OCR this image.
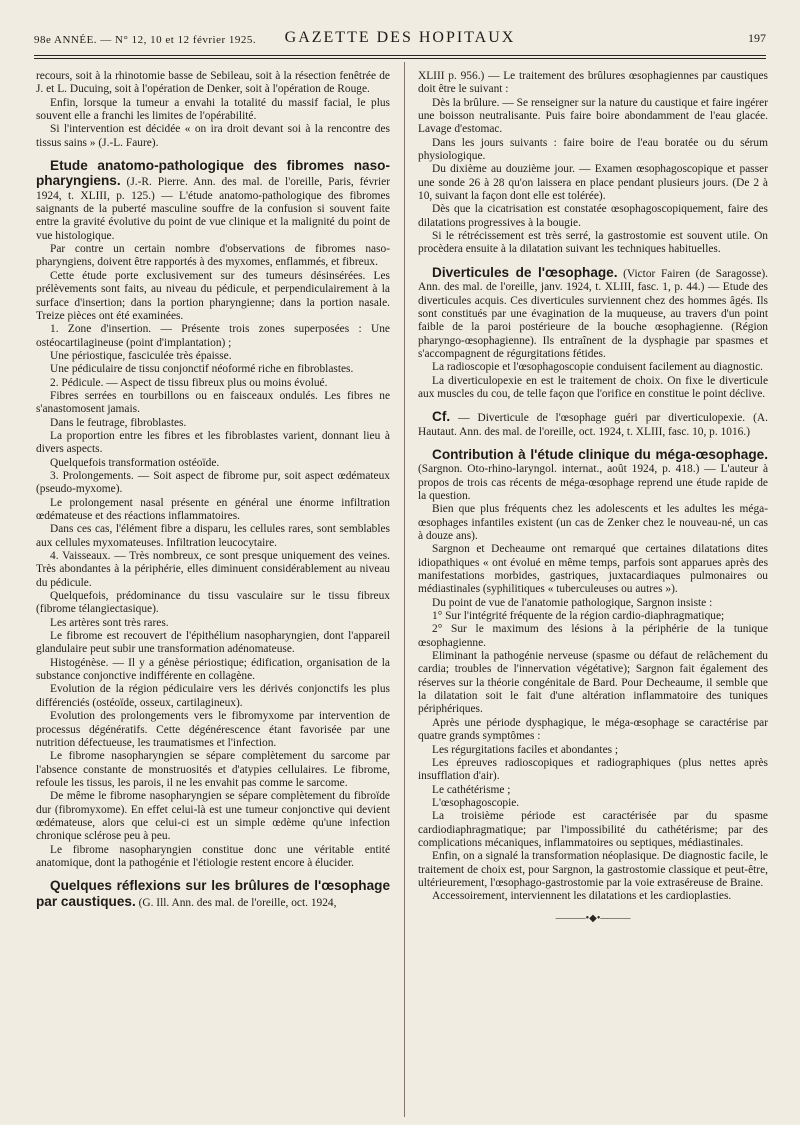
98e ANNÉE. — N° 12, 10 et 12 février 1925.	GAZETTE DES HOPITAUX	197

recours, soit à la rhinotomie basse de Sebileau, soit à la résection fenêtrée de J. et L. Ducuing, soit à l'opération de Denker, soit à l'opération de Rouge.

Enfin, lorsque la tumeur a envahi la totalité du massif facial, le plus souvent elle a franchi les limites de l'opérabilité.

Si l'intervention est décidée « on ira droit devant soi à la rencontre des tissus sains » (J.-L. Faure).

Etude anatomo-pathologique des fibromes naso-pharyngiens. (J.-R. Pierre. Ann. des mal. de l'oreille, Paris, février 1924, t. XLIII, p. 125.) — L'étude anatomo-pathologique des fibromes saignants de la puberté masculine souffre de la confusion si souvent faite entre la gravité évolutive du point de vue clinique et la malignité du point de vue histologique.

Par contre un certain nombre d'observations de fibromes naso-pharyngiens, doivent être rapportés à des myxomes, enflammés, et fibreux.

Cette étude porte exclusivement sur des tumeurs désinsérées. Les prélèvements sont faits, au niveau du pédicule, et perpendiculairement à la surface d'insertion; dans la portion pharyngienne; dans la portion nasale. Treize pièces ont été examinées.

1. Zone d'insertion. — Présente trois zones superposées : Une ostéocartilagineuse (point d'implantation) ;

Une périostique, fasciculée très épaisse.

Une pédiculaire de tissu conjonctif néoformé riche en fibroblastes.

2. Pédicule. — Aspect de tissu fibreux plus ou moins évolué.

Fibres serrées en tourbillons ou en faisceaux ondulés. Les fibres ne s'anastomosent jamais.

Dans le feutrage, fibroblastes.

La proportion entre les fibres et les fibroblastes varient, donnant lieu à divers aspects.

Quelquefois transformation ostéoïde.

3. Prolongements. — Soit aspect de fibrome pur, soit aspect œdémateux (pseudo-myxome).

Le prolongement nasal présente en général une énorme infiltration œdémateuse et des réactions inflammatoires.

Dans ces cas, l'élément fibre a disparu, les cellules rares, sont semblables aux cellules myxomateuses. Infiltration leucocytaire.

4. Vaisseaux. — Très nombreux, ce sont presque uniquement des veines. Très abondantes à la périphérie, elles diminuent considérablement au niveau du pédicule.

Quelquefois, prédominance du tissu vasculaire sur le tissu fibreux (fibrome télangiectasique).

Les artères sont très rares.

Le fibrome est recouvert de l'épithélium nasopharyngien, dont l'appareil glandulaire peut subir une transformation adénomateuse.

Histogénèse. — Il y a génèse périostique; édification, organisation de la substance conjonctive indifférente en collagène.

Evolution de la région pédiculaire vers les dérivés conjonctifs les plus différenciés (ostéoïde, osseux, cartilagineux).

Evolution des prolongements vers le fibromyxome par intervention de processus dégénératifs. Cette dégénérescence étant favorisée par une nutrition défectueuse, les traumatismes et l'infection.

Le fibrome nasopharyngien se sépare complètement du sarcome par l'absence constante de monstruosités et d'atypies cellulaires. Le fibrome, refoule les tissus, les parois, il ne les envahit pas comme le sarcome.

De même le fibrome nasopharyngien se sépare complètement du fibroïde dur (fibromyxome). En effet celui-là est une tumeur conjonctive qui devient œdémateuse, alors que celui-ci est un simple œdème qu'une infection chronique sclérose peu à peu.

Le fibrome nasopharyngien constitue donc une véritable entité anatomique, dont la pathogénie et l'étiologie restent encore à élucider.

Quelques réflexions sur les brûlures de l'œsophage par caustiques. (G. Ill. Ann. des mal. de l'oreille, oct. 1924,

XLIII p. 956.) — Le traitement des brûlures œsophagiennes par caustiques doit être le suivant :

Dès la brûlure. — Se renseigner sur la nature du caustique et faire ingérer une boisson neutralisante. Puis faire boire abondamment de l'eau glacée. Lavage d'estomac.

Dans les jours suivants : faire boire de l'eau boratée ou du sérum physiologique.

Du dixième au douzième jour. — Examen œsophagoscopique et passer une sonde 26 à 28 qu'on laissera en place pendant plusieurs jours. (De 2 à 10, suivant la façon dont elle est tolérée).

Dès que la cicatrisation est constatée œsophagoscopiquement, faire des dilatations progressives à la bougie.

Si le rétrécissement est très serré, la gastrostomie est souvent utile. On procèdera ensuite à la dilatation suivant les techniques habituelles.

Diverticules de l'œsophage. (Victor Fairen (de Saragosse). Ann. des mal. de l'oreille, janv. 1924, t. XLIII, fasc. 1, p. 44.) — Etude des diverticules acquis. Ces diverticules surviennent chez des hommes âgés. Ils sont constitués par une évagination de la muqueuse, au travers d'un point faible de la paroi postérieure de la bouche œsophagienne. (Région pharyngo-œsophagienne). Ils entraînent de la dysphagie par spasmes et s'accompagnent de régurgitations fétides.

La radioscopie et l'œsophagoscopie conduisent facilement au diagnostic.

La diverticulopexie en est le traitement de choix. On fixe le diverticule aux muscles du cou, de telle façon que l'orifice en constitue le point déclive.

Cf. — Diverticule de l'œsophage guéri par diverticulopexie. (A. Hautaut. Ann. des mal. de l'oreille, oct. 1924, t. XLIII, fasc. 10, p. 1016.)

Contribution à l'étude clinique du méga-œsophage. (Sargnon. Oto-rhino-laryngol. internat., août 1924, p. 418.) — L'auteur à propos de trois cas récents de méga-œsophage reprend une étude rapide de la question.

Bien que plus fréquents chez les adolescents et les adultes les méga-œsophages infantiles existent (un cas de Zenker chez le nouveau-né, un cas à douze ans).

Sargnon et Decheaume ont remarqué que certaines dilatations dites idiopathiques « ont évolué en même temps, parfois sont apparues après des manifestations morbides, gastriques, juxtacardiaques pulmonaires ou médiastinales (syphilitiques « tuberculeuses ou autres »).

Du point de vue de l'anatomie pathologique, Sargnon insiste :

1° Sur l'intégrité fréquente de la région cardio-diaphragmatique;

2° Sur le maximum des lésions à la périphérie de la tunique œsophagienne.

Eliminant la pathogénie nerveuse (spasme ou défaut de relâchement du cardia; troubles de l'innervation végétative); Sargnon fait également des réserves sur la théorie congénitale de Bard. Pour Decheaume, il semble que la dilatation soit le fait d'une altération inflammatoire des tuniques périphériques.

Après une période dysphagique, le méga-œsophage se caractérise par quatre grands symptômes :

Les régurgitations faciles et abondantes ;

Les épreuves radioscopiques et radiographiques (plus nettes après insufflation d'air).

Le cathétérisme ;

L'œsophagoscopie.

La troisième période est caractérisée par du spasme cardiodiaphragmatique; par l'impossibilité du cathétérisme; par des complications mécaniques, inflammatoires ou septiques, médiastinales.

Enfin, on a signalé la transformation néoplasique. De diagnostic facile, le traitement de choix est, pour Sargnon, la gastrostomie classique et peut-être, ultérieurement, l'œsophago-gastrostomie par la voie extraséreuse de Braine.

Accessoirement, interviennent les dilatations et les cardioplasties.

———•◆•———
